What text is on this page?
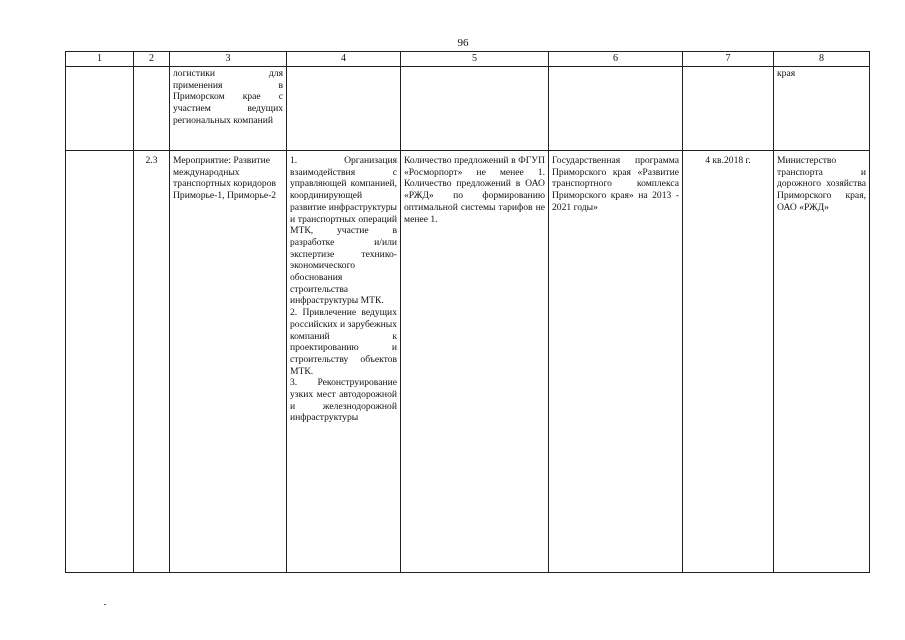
96
1	2	3	4	5	6	7	8
		логистики для применения в Приморском крае с участием ведущих региональных компаний					края
	2.3	Мероприятие: Развитие международных транспортных коридоров Приморье-1, Приморье-2	1. Организация взаимодействия с управляющей компанией, координирующей развитие инфраструктуры и транспортных операций МТК, участие в разработке и/или экспертизе технико-экономического обоснования строительства инфраструктуры МТК.
2. Привлечение ведущих российских и зарубежных компаний к проектированию и строительству объектов МТК.
3. Реконструирование узких мест автодорожной и железнодорожной инфраструктуры	Количество предложений в ФГУП «Росморпорт» не менее 1. Количество предложений в ОАО «РЖД» по формированию оптимальной системы тарифов не менее 1.	Государственная программа Приморского края «Развитие транспортного комплекса Приморского края» на 2013 - 2021 годы»	4 кв.2018 г.	Министерство транспорта и дорожного хозяйства Приморского края, ОАО «РЖД»
